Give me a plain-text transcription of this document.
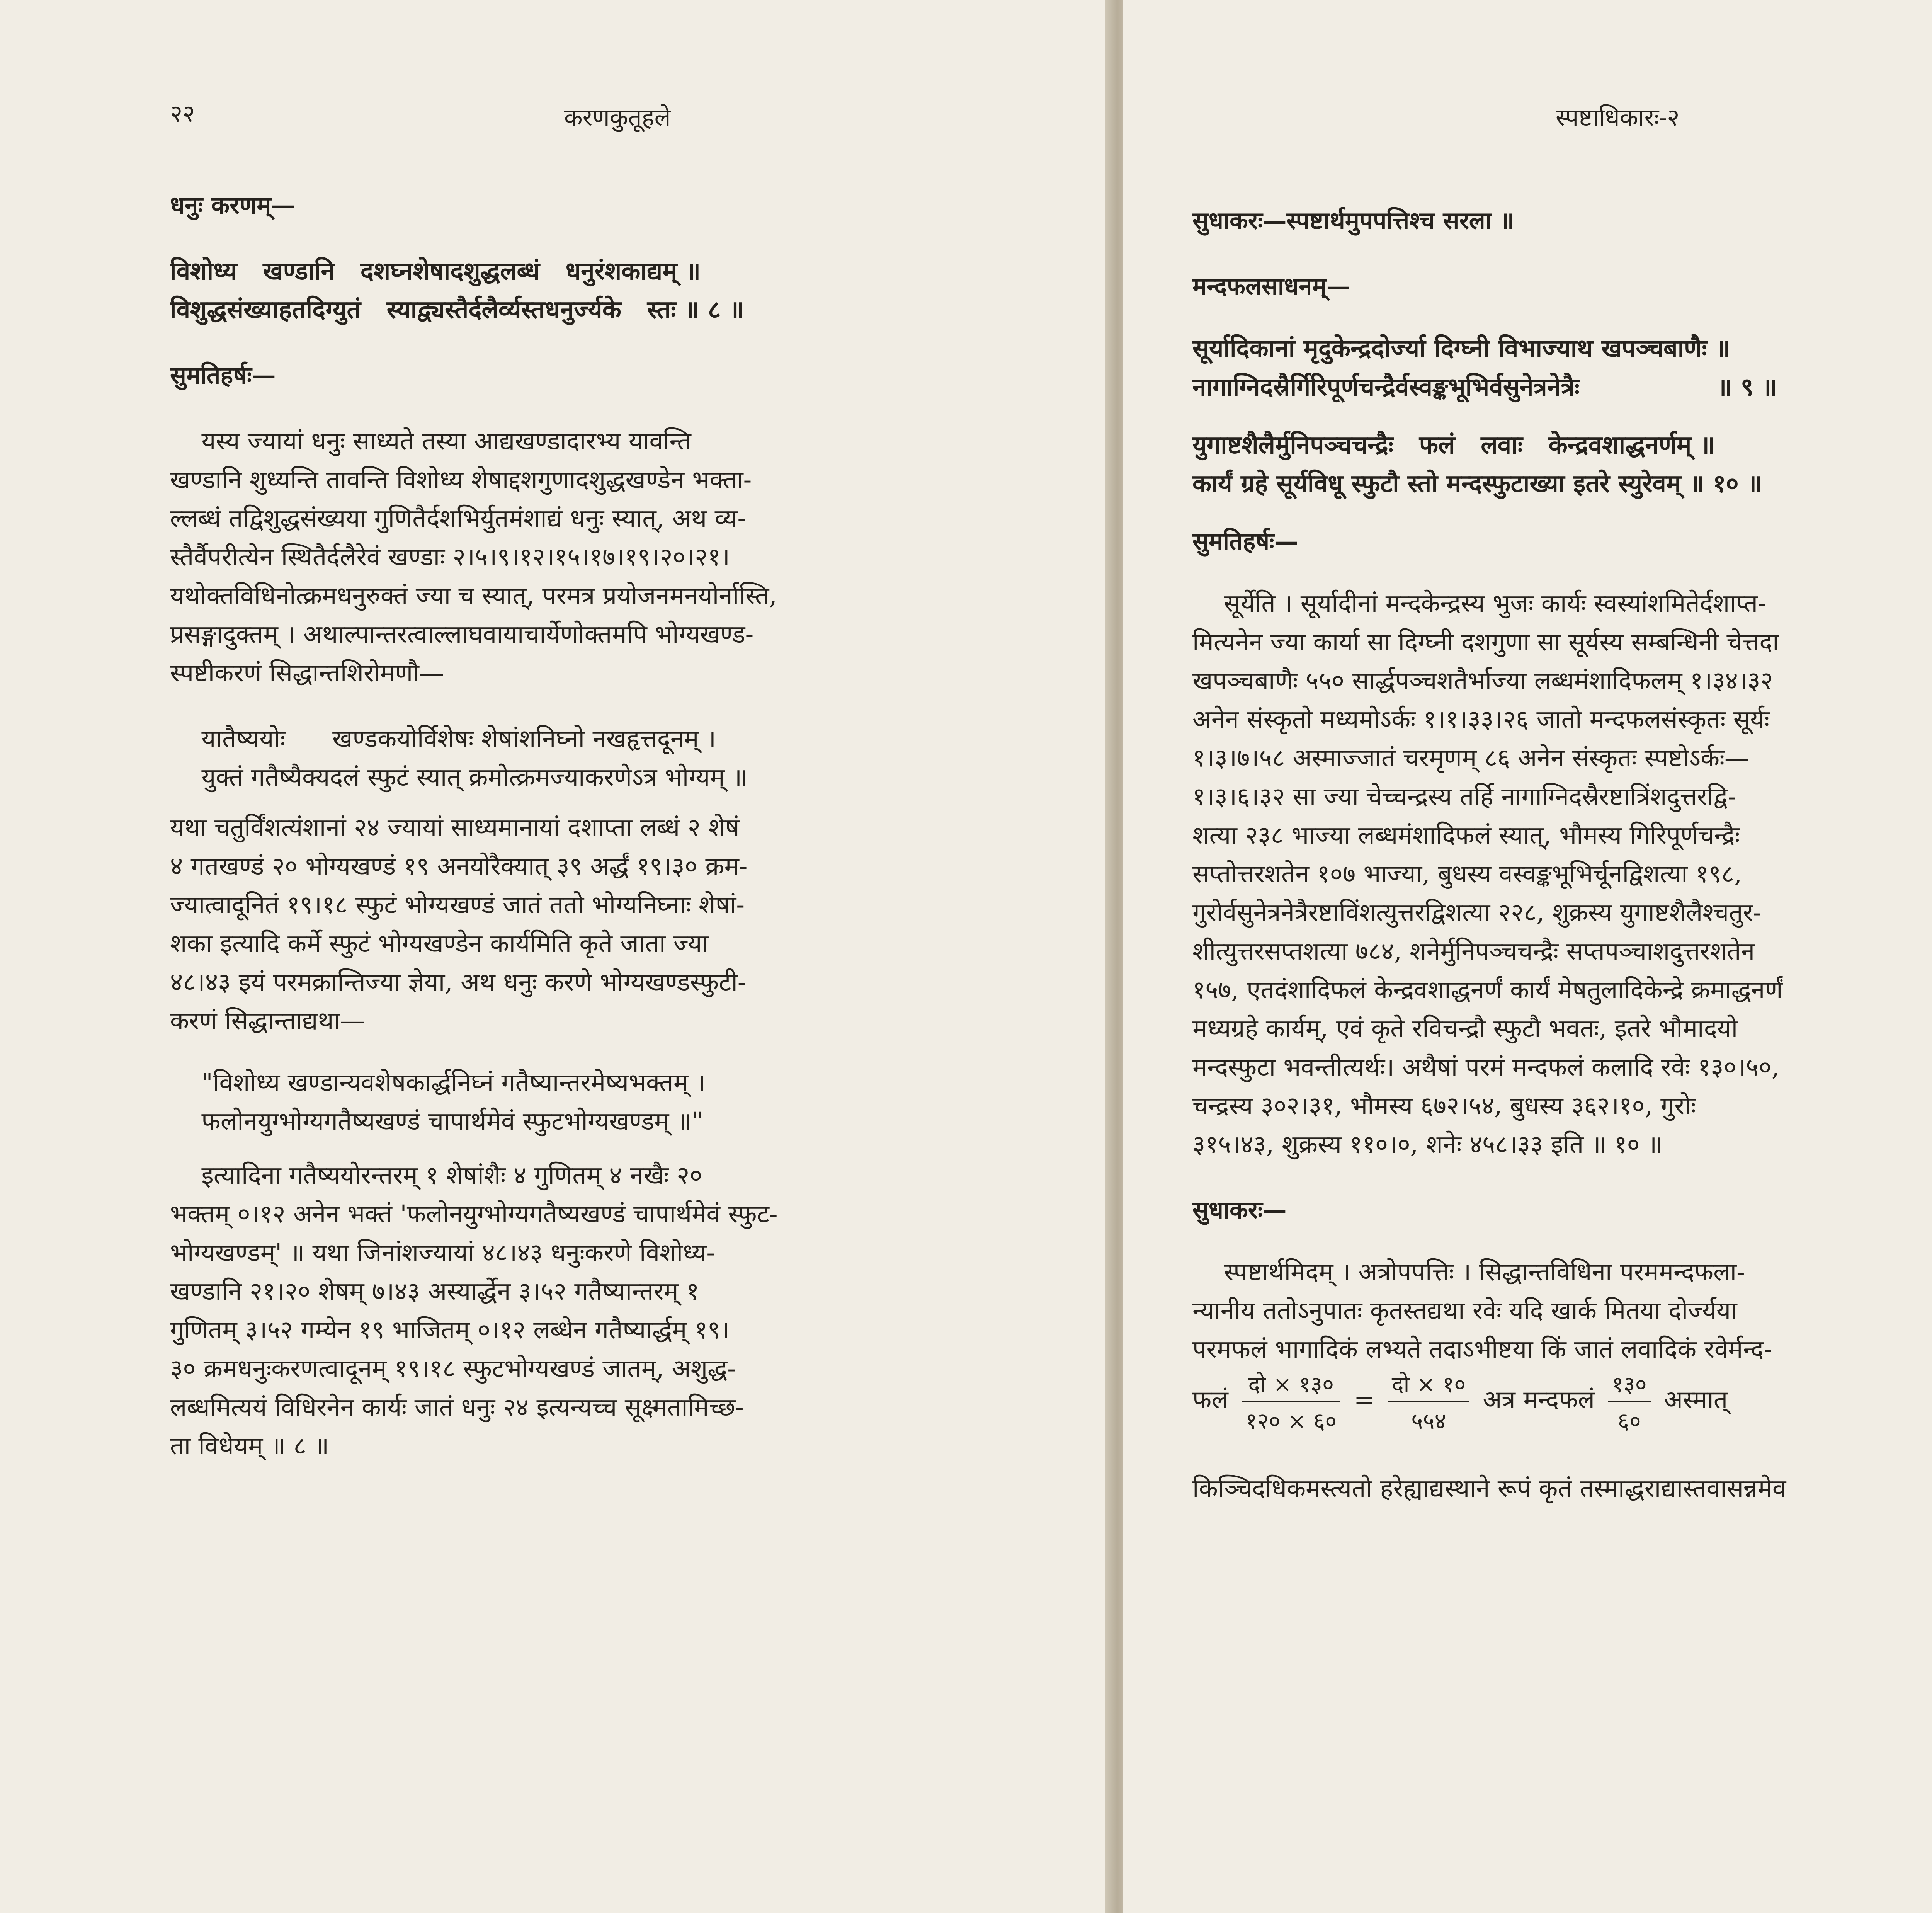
२२	करणकुतूहले
धनुः करणम्—
विशोध्य   खण्डानि   दशघ्नशेषादशुद्धलब्धं   धनुरंशकाद्यम् ॥
विशुद्धसंख्याहतदिग्युतं   स्याद्व्यस्तैर्दलैर्व्यस्तधनुर्ज्यके   स्तः ॥ ८ ॥
सुमतिहर्षः—
यस्य ज्यायां धनुः साध्यते तस्या आद्यखण्डादारभ्य यावन्ति
खण्डानि शुध्यन्ति तावन्ति विशोध्य शेषाद्दशगुणादशुद्धखण्डेन भक्ता-
ल्लब्धं तद्विशुद्धसंख्यया गुणितैर्दशभिर्युतमंशाद्यं धनुः स्यात्, अथ व्य-
स्तैर्वैपरीत्येन स्थितैर्दलैरेवं खण्डाः २।५।९।१२।१५।१७।१९।२०।२१।
यथोक्तविधिनोत्क्रमधनुरुक्तं ज्या च स्यात्, परमत्र प्रयोजनमनयोर्नास्ति,
प्रसङ्गादुक्तम् । अथाल्पान्तरत्वाल्लाघवायाचार्येणोक्तमपि भोग्यखण्ड-
स्पष्टीकरणं सिद्धान्तशिरोमणौ—
यातैष्ययोः      खण्डकयोर्विशेषः शेषांशनिघ्नो नखहृत्तदूनम् ।
युक्तं गतैष्यैक्यदलं स्फुटं स्यात् क्रमोत्क्रमज्याकरणेऽत्र भोग्यम् ॥
यथा चतुर्विंशत्यंशानां २४ ज्यायां साध्यमानायां दशाप्ता लब्धं २ शेषं
४ गतखण्डं २० भोग्यखण्डं १९ अनयोरैक्यात् ३९ अर्द्धं १९।३० क्रम-
ज्यात्वादूनितं १९।१८ स्फुटं भोग्यखण्डं जातं ततो भोग्यनिघ्नाः शेषां-
शका इत्यादि कर्मे स्फुटं भोग्यखण्डेन कार्यमिति कृते जाता ज्या
४८।४३ इयं परमक्रान्तिज्या ज्ञेया, अथ धनुः करणे भोग्यखण्डस्फुटी-
करणं सिद्धान्ताद्यथा—
"विशोध्य खण्डान्यवशेषकार्द्धनिघ्नं गतैष्यान्तरमेष्यभक्तम् ।
फलोनयुग्भोग्यगतैष्यखण्डं चापार्थमेवं स्फुटभोग्यखण्डम् ॥"
इत्यादिना गतैष्ययोरन्तरम् १ शेषांशैः ४ गुणितम् ४ नखैः २०
भक्तम् ०।१२ अनेन भक्तं 'फलोनयुग्भोग्यगतैष्यखण्डं चापार्थमेवं स्फुट-
भोग्यखण्डम्' ॥ यथा जिनांशज्यायां ४८।४३ धनुःकरणे विशोध्य-
खण्डानि २१।२० शेषम् ७।४३ अस्यार्द्धेन ३।५२ गतैष्यान्तरम् १
गुणितम् ३।५२ गम्येन १९ भाजितम् ०।१२ लब्धेन गतैष्यार्द्धम् १९।
३० क्रमधनुःकरणत्वादूनम् १९।१८ स्फुटभोग्यखण्डं जातम्, अशुद्ध-
लब्धमित्ययं विधिरनेन कार्यः जातं धनुः २४ इत्यन्यच्च सूक्ष्मतामिच्छ-
ता विधेयम् ॥ ८ ॥
स्पष्टाधिकारः-२
सुधाकरः—स्पष्टार्थमुपपत्तिश्च सरला ॥
मन्दफलसाधनम्—
सूर्यादिकानां मृदुकेन्द्रदोर्ज्या दिग्घ्नी विभाज्याथ खपञ्चबाणैः ॥
नागाग्निदस्रैर्गिरिपूर्णचन्द्रैर्वस्वङ्कभूभिर्वसुनेत्रनेत्रैः                ॥ ९ ॥
युगाष्टशैलैर्मुनिपञ्चचन्द्रैः   फलं   लवाः   केन्द्रवशाद्धनर्णम् ॥
कार्यं ग्रहे सूर्यविधू स्फुटौ स्तो मन्दस्फुटाख्या इतरे स्युरेवम् ॥ १० ॥
सुमतिहर्षः—
सूर्येति । सूर्यादीनां मन्दकेन्द्रस्य भुजः कार्यः स्वस्यांशमितेर्दशाप्त-
मित्यनेन ज्या कार्या सा दिग्घ्नी दशगुणा सा सूर्यस्य सम्बन्धिनी चेत्तदा
खपञ्चबाणैः ५५० सार्द्धपञ्चशतैर्भाज्या लब्धमंशादिफलम् १।३४।३२
अनेन संस्कृतो मध्यमोऽर्कः १।१।३३।२६ जातो मन्दफलसंस्कृतः सूर्यः
१।३।७।५८ अस्माज्जातं चरमृणम् ८६ अनेन संस्कृतः स्पष्टोऽर्कः—
१।३।६।३२ सा ज्या चेच्चन्द्रस्य तर्हि नागाग्निदस्रैरष्टात्रिंशदुत्तरद्वि-
शत्या २३८ भाज्या लब्धमंशादिफलं स्यात्, भौमस्य गिरिपूर्णचन्द्रैः
सप्तोत्तरशतेन १०७ भाज्या, बुधस्य वस्वङ्कभूभिर्चूनद्विशत्या १९८,
गुरोर्वसुनेत्रनेत्रैरष्टाविंशत्युत्तरद्विशत्या २२८, शुक्रस्य युगाष्टशैलैश्चतुर-
शीत्युत्तरसप्तशत्या ७८४, शनेर्मुनिपञ्चचन्द्रैः सप्तपञ्चाशदुत्तरशतेन
१५७, एतदंशादिफलं केन्द्रवशाद्धनर्णं कार्यं मेषतुलादिकेन्द्रे क्रमाद्धनर्णं
मध्यग्रहे कार्यम्, एवं कृते रविचन्द्रौ स्फुटौ भवतः, इतरे भौमादयो
मन्दस्फुटा भवन्तीत्यर्थः। अथैषां परमं मन्दफलं कलादि रवेः १३०।५०,
चन्द्रस्य ३०२।३१, भौमस्य ६७२।५४, बुधस्य ३६२।१०, गुरोः
३१५।४३, शुक्रस्य ११०।०, शनेः ४५८।३३ इति ॥ १० ॥
सुधाकरः—
स्पष्टार्थमिदम् । अत्रोपपत्तिः । सिद्धान्तविधिना परममन्दफला-
न्यानीय ततोऽनुपातः कृतस्तद्यथा रवेः यदि खार्क मितया दोर्ज्यया
परमफलं भागादिकं लभ्यते तदाऽभीष्टया किं जातं लवादिकं रवेर्मन्द-
फलं $\frac{\text{दो × १३०}}{१२० \times ६०} = \frac{\text{दो × १०}}{५५४}$ अत्र मन्दफलं $\frac{१३०}{६०}$ अस्मात्
किञ्चिदधिकमस्त्यतो हरेह्याद्यस्थाने रूपं कृतं तस्माद्धराद्यास्तवासन्नमेव
